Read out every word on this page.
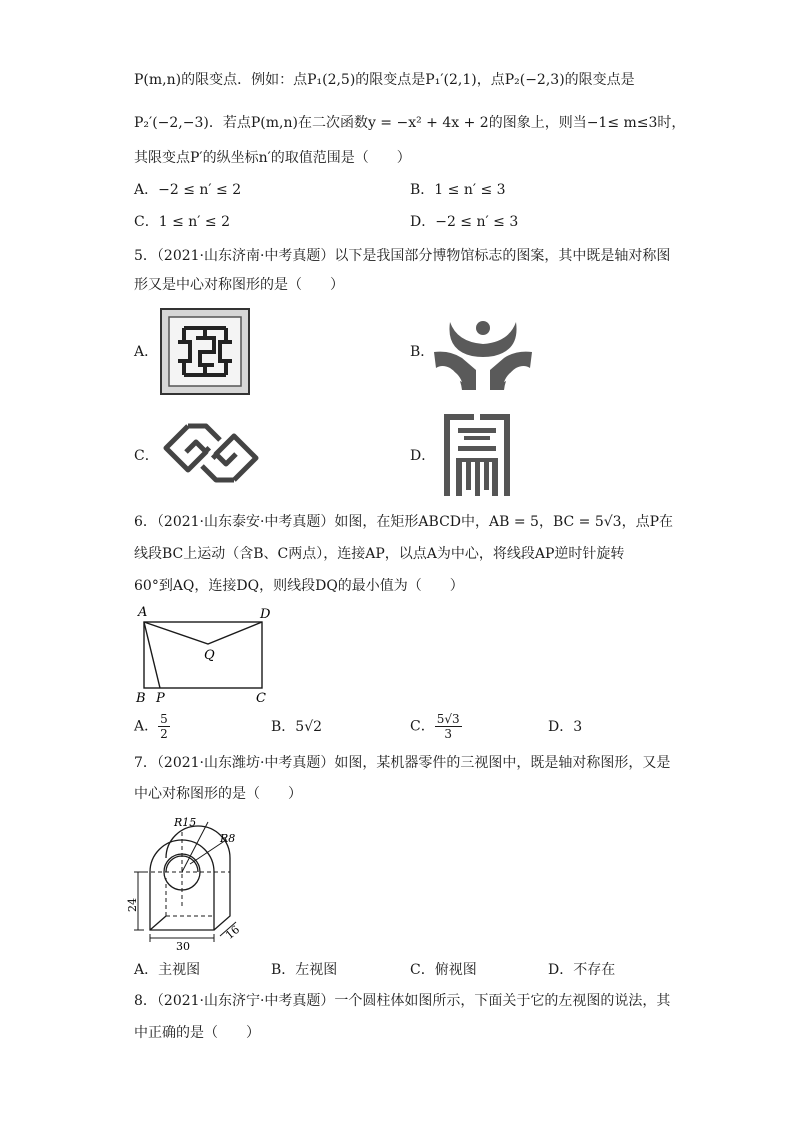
P(m,n)的限变点．例如：点P₁(2,5)的限变点是P₁′(2,1)，点P₂(−2,3)的限变点是
P₂′(−2,−3)．若点P(m,n)在二次函数y = −x² + 4x + 2的图象上，则当−1≤ m≤3时，
其限变点P′的纵坐标n′的取值范围是（　　）
A．−2 ≤ n′ ≤ 2	B．1 ≤ n′ ≤ 3
C．1 ≤ n′ ≤ 2	D．−2 ≤ n′ ≤ 3
5．（2021·山东济南·中考真题）以下是我国部分博物馆标志的图案，其中既是轴对称图
形又是中心对称图形的是（　　）
A．	B．
C．	D．
6．（2021·山东泰安·中考真题）如图，在矩形ABCD中，AB = 5，BC = 5√3，点P在
线段BC上运动（含B、C两点），连接AP，以点A为中心，将线段AP逆时针旋转
60°到AQ，连接DQ，则线段DQ的最小值为（　　）
A	D
Q
B P	C
A． $\frac{5}{2}$	B．5√2	C． $\frac{5√3}{3}$	D．3
7．（2021·山东潍坊·中考真题）如图，某机器零件的三视图中，既是轴对称图形，又是
中心对称图形的是（　　）
R15
R8
24
30
16
A．主视图	B．左视图	C．俯视图	D．不存在
8．（2021·山东济宁·中考真题）一个圆柱体如图所示，下面关于它的左视图的说法，其
中正确的是（　　）
